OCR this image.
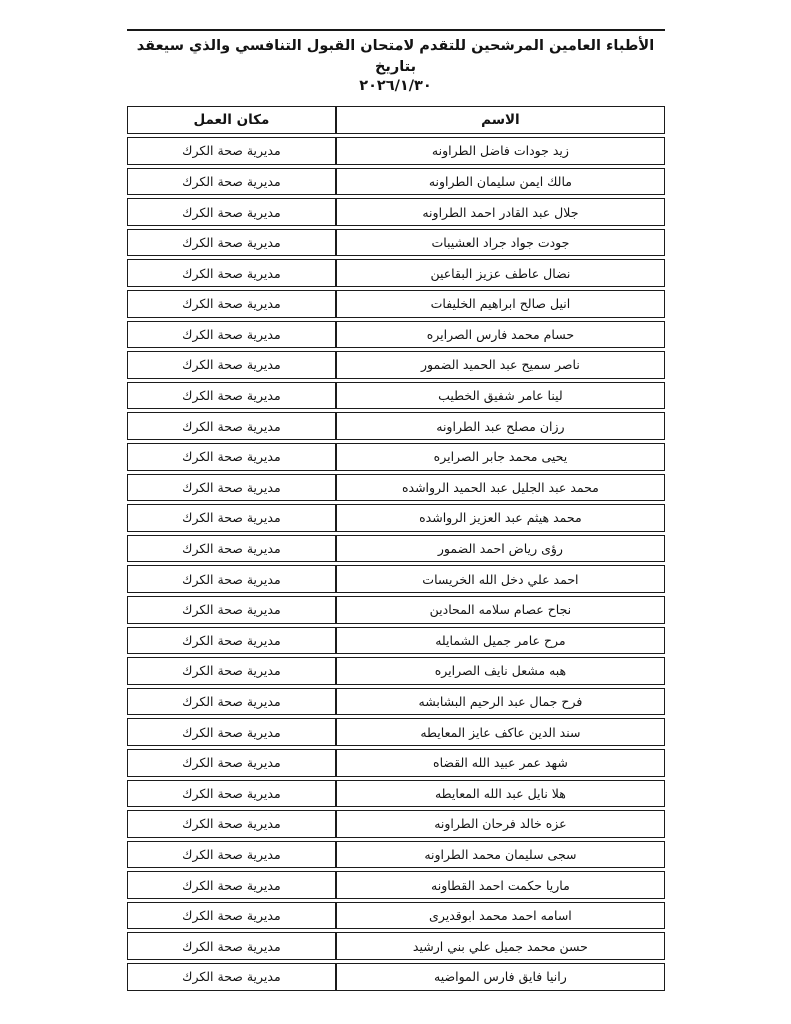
الأطباء العامين المرشحين للتقدم لامتحان القبول التنافسي والذي سيعقد بتاريخ
٢٠٢٦/١/٣٠
الاسم	مكان العمل
زيد جودات فاضل الطراونه	مديرية صحة الكرك
مالك ايمن سليمان الطراونه	مديرية صحة الكرك
جلال عبد القادر احمد الطراونه	مديرية صحة الكرك
جودت جواد جراد العشيبات	مديرية صحة الكرك
نضال عاطف عزيز البقاعين	مديرية صحة الكرك
انيل صالح ابراهيم الخليفات	مديرية صحة الكرك
حسام محمد فارس الصرايره	مديرية صحة الكرك
ناصر سميح عبد الحميد الضمور	مديرية صحة الكرك
لينا عامر شفيق الخطيب	مديرية صحة الكرك
رزان مصلح عبد الطراونه	مديرية صحة الكرك
يحيى محمد جابر الصرايره	مديرية صحة الكرك
محمد عبد الجليل عبد الحميد الرواشده	مديرية صحة الكرك
محمد هيثم عبد العزيز الرواشده	مديرية صحة الكرك
رؤى رياض احمد الضمور	مديرية صحة الكرك
احمد علي دخل الله الخريسات	مديرية صحة الكرك
نجاح عصام سلامه المحادين	مديرية صحة الكرك
مرح عامر جميل الشمايله	مديرية صحة الكرك
هبه مشعل نايف الصرايره	مديرية صحة الكرك
فرح جمال عبد الرحيم البشابشه	مديرية صحة الكرك
سند الدين عاكف عايز المعايطه	مديرية صحة الكرك
شهد عمر عبيد الله القضاه	مديرية صحة الكرك
هلا نايل عبد الله المعايطه	مديرية صحة الكرك
عزه خالد فرحان الطراونه	مديرية صحة الكرك
سجى سليمان محمد الطراونه	مديرية صحة الكرك
ماريا حكمت احمد القطاونه	مديرية صحة الكرك
اسامه احمد محمد ابوقديرى	مديرية صحة الكرك
حسن محمد جميل علي بني ارشيد	مديرية صحة الكرك
رانيا فايق فارس المواضيه	مديرية صحة الكرك
